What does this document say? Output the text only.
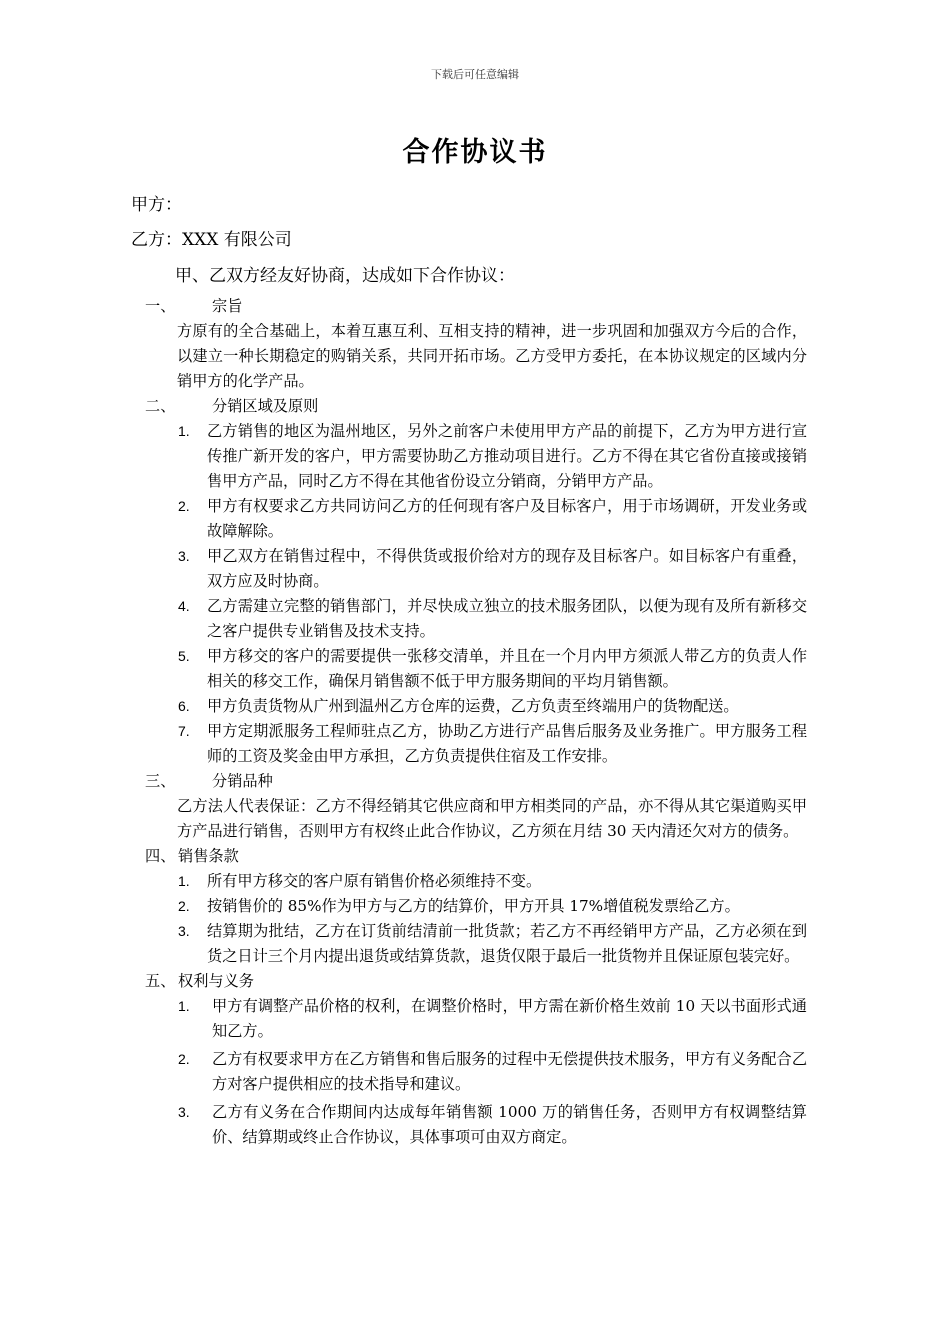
下载后可任意编辑
合作协议书
甲方：
乙方：XXX 有限公司
甲、乙双方经友好协商，达成如下合作协议：
一、 宗旨
方原有的全合基础上，本着互惠互利、互相支持的精神，进一步巩固和加强双方今后的合作，以建立一种长期稳定的购销关系，共同开拓市场。乙方受甲方委托，在本协议规定的区域内分销甲方的化学产品。
二、 分销区域及原则
1. 乙方销售的地区为温州地区，另外之前客户未使用甲方产品的前提下，乙方为甲方进行宣传推广新开发的客户，甲方需要协助乙方推动项目进行。乙方不得在其它省份直接或接销售甲方产品，同时乙方不得在其他省份设立分销商，分销甲方产品。
2. 甲方有权要求乙方共同访问乙方的任何现有客户及目标客户，用于市场调研，开发业务或故障解除。
3. 甲乙双方在销售过程中，不得供货或报价给对方的现存及目标客户。如目标客户有重叠，双方应及时协商。
4. 乙方需建立完整的销售部门，并尽快成立独立的技术服务团队，以便为现有及所有新移交之客户提供专业销售及技术支持。
5. 甲方移交的客户的需要提供一张移交清单，并且在一个月内甲方须派人带乙方的负责人作相关的移交工作，确保月销售额不低于甲方服务期间的平均月销售额。
6. 甲方负责货物从广州到温州乙方仓库的运费，乙方负责至终端用户的货物配送。
7. 甲方定期派服务工程师驻点乙方，协助乙方进行产品售后服务及业务推广。甲方服务工程师的工资及奖金由甲方承担，乙方负责提供住宿及工作安排。
三、 分销品种
乙方法人代表保证：乙方不得经销其它供应商和甲方相类同的产品，亦不得从其它渠道购买甲方产品进行销售，否则甲方有权终止此合作协议，乙方须在月结 30 天内清还欠对方的债务。
四、 销售条款
1. 所有甲方移交的客户原有销售价格必须维持不变。
2. 按销售价的 85%作为甲方与乙方的结算价，甲方开具 17%增值税发票给乙方。
3. 结算期为批结，乙方在订货前结清前一批货款；若乙方不再经销甲方产品，乙方必须在到货之日计三个月内提出退货或结算货款，退货仅限于最后一批货物并且保证原包装完好。
五、 权利与义务
1. 甲方有调整产品价格的权利，在调整价格时，甲方需在新价格生效前 10 天以书面形式通知乙方。
2. 乙方有权要求甲方在乙方销售和售后服务的过程中无偿提供技术服务，甲方有义务配合乙方对客户提供相应的技术指导和建议。
3. 乙方有义务在合作期间内达成每年销售额 1000 万的销售任务，否则甲方有权调整结算价、结算期或终止合作协议，具体事项可由双方商定。
